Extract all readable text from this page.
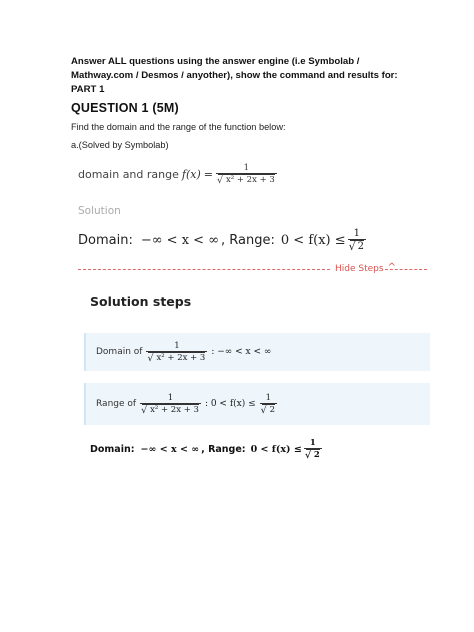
Answer ALL questions using the answer engine (i.e Symbolab / Mathway.com / Desmos / anyother), show the command and results for:
PART 1
QUESTION 1 (5M)
Find the domain and the range of the function below:
a.(Solved by Symbolab)
domain and range f(x) = 1
√ x² + 2x + 3
Solution
Domain: −∞ < x < ∞ , Range: 0 < f(x) ≤ 1
√ 2
Hide Steps ^
Solution steps
Domain of 1
√ x² + 2x + 3 : −∞ < x < ∞
Range of 1
√ x² + 2x + 3 : 0 < f(x) ≤ 1
√ 2
Domain: −∞ < x < ∞ , Range: 0 < f(x) ≤ 1
√ 2
